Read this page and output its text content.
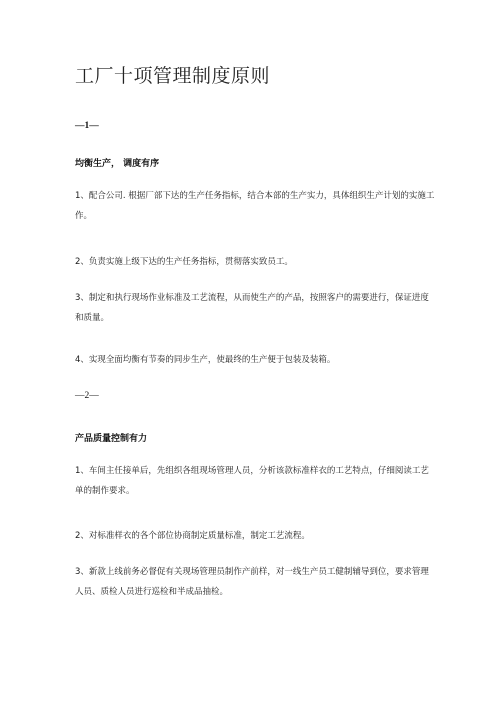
工厂十项管理制度原则
—1—
均衡生产， 调度有序

1、配合公司. 根据厂部下达的生产任务指标，结合本部的生产实力，具体组织生产计划的实施工作。

2、负责实施上级下达的生产任务指标，贯彻落实致员工。

3、制定和执行现场作业标准及工艺流程，从而使生产的产品，按照客户的需要进行，保证进度和质量。

4、实现全面均衡有节奏的同步生产，使最终的生产便于包装及装箱。

—2—
产品质量控制有力

1、车间主任接单后，先组织各组现场管理人员，分析该款标准样衣的工艺特点，仔细阅读工艺单的制作要求。

2、对标准样衣的各个部位协商制定质量标准，制定工艺流程。

3、新款上线前务必督促有关现场管理员制作产前样，对一线生产员工健制辅导到位，要求管理人员、质检人员进行巡检和半成品抽检。
